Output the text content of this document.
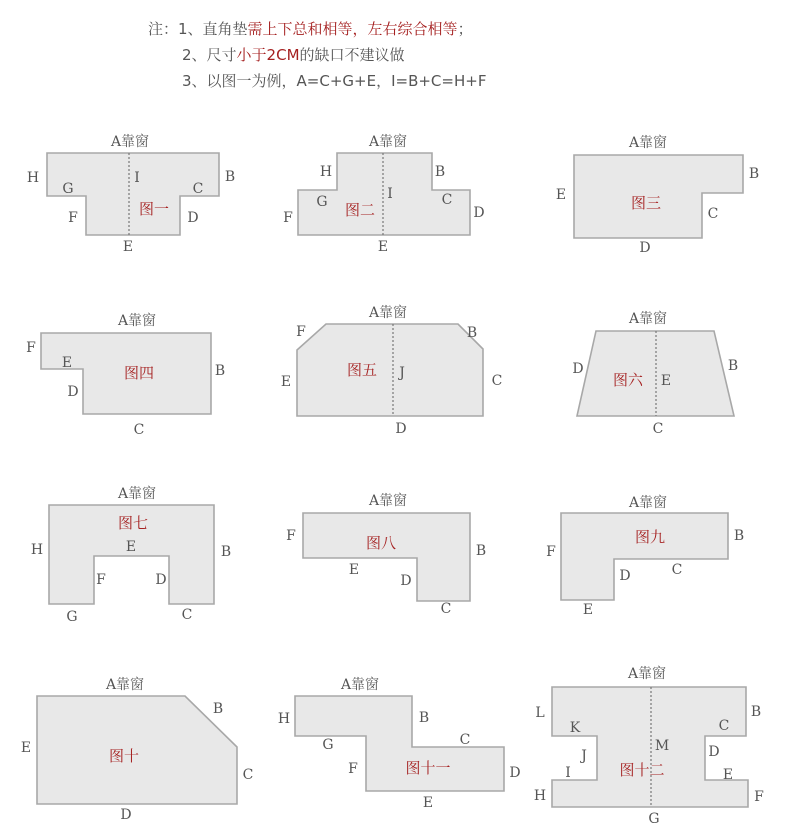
注：1、直角垫需上下总和相等，左右综合相等；
2、尺寸小于2CM的缺口不建议做
3、以图一为例，A=C+G+E，I=B+C=H+F
A靠窗
H	B
G	C
I
F	D
E
图一
A靠窗
H	B
G	C
I
F	D
E
图二
A靠窗
B
E
C
D
图三
A靠窗
F
E	B
D
C
图四
A靠窗
F	B
E
J	C
D
图五
A靠窗
D	B
E
C
图六
A靠窗
H	B
E
F	D
G	C
图七
A靠窗
F
B
E
D
C
图八
A靠窗
B
F
D	C
E
图九
A靠窗
B
E
C
D
图十
A靠窗
H	B
G	C
F	D
E
图十一
A靠窗
L	B
K	C
J
M	D
I	E
H	F
G
图十二
